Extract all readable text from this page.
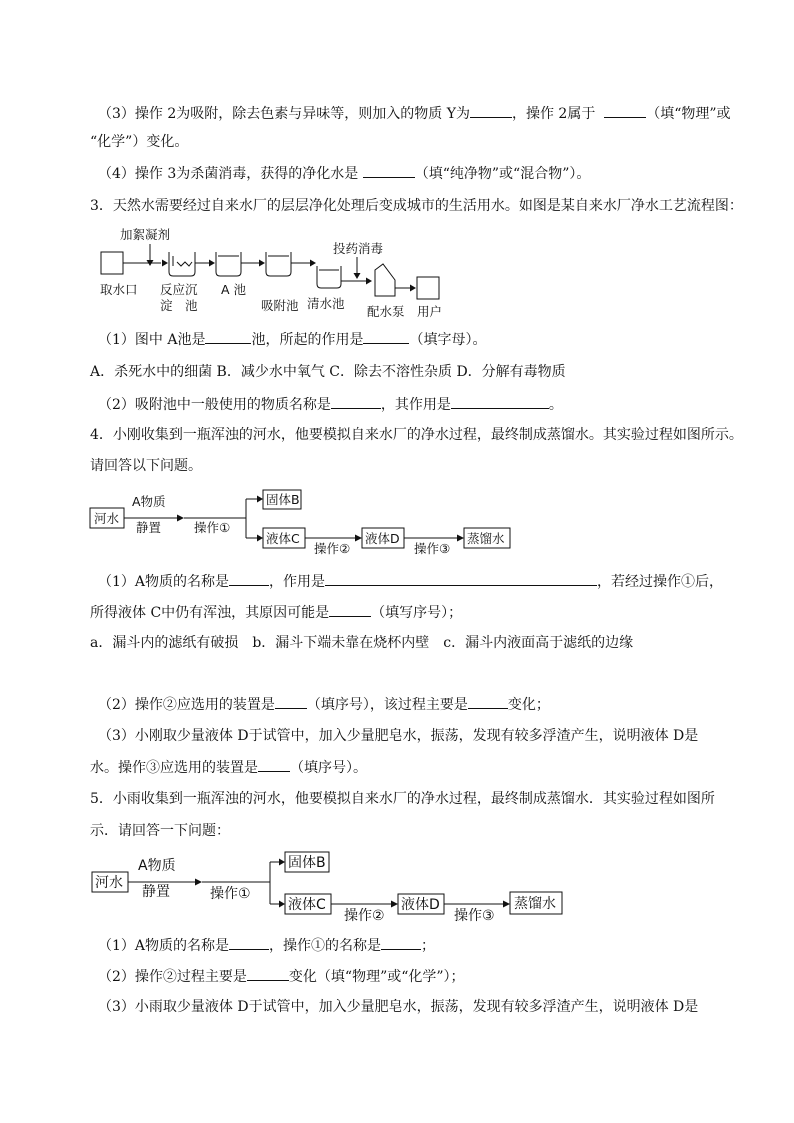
（3）操作 2为吸附，除去色素与异味等，则加入的物质 Y为	，操作 2属于	（填“物理”或
“化学”）变化。
（4）操作 3为杀菌消毒，获得的净化水是	（填“纯净物”或“混合物”）。
3．天然水需要经过自来水厂的层层净化处理后变成城市的生活用水。如图是某自来水厂净水工艺流程图：
加絮凝剂
投药消毒
取水口 反应沉
淀　池
A 池
吸附池 清水池
配水泵 用户
（1）图中 A池是	池，所起的作用是	（填字母）。
A．杀死水中的细菌 B．减少水中氧气 C．除去不溶性杂质 D．分解有毒物质
（2）吸附池中一般使用的物质名称是	，其作用是	。
4．小刚收集到一瓶浑浊的河水，他要模拟自来水厂的净水过程，最终制成蒸馏水。其实验过程如图所示。
请回答以下问题。
河水
A物质
静置	操作①
固体B
液体C
操作②
液体D
操作③
蒸馏水
（1）A物质的名称是	，作用是	，若经过操作①后，
所得液体 C中仍有浑浊，其原因可能是	（填写序号）；
a．漏斗内的滤纸有破损　b．漏斗下端未靠在烧杯内壁　c．漏斗内液面高于滤纸的边缘
（2）操作②应选用的装置是 （填序号），该过程主要是	变化；
（3）小刚取少量液体 D于试管中，加入少量肥皂水，振荡，发现有较多浮渣产生，说明液体 D是
水。操作③应选用的装置是 （填序号）。
5．小雨收集到一瓶浑浊的河水，他要模拟自来水厂的净水过程，最终制成蒸馏水．其实验过程如图所
示．请回答一下问题：
河水
A物质
静置	操作①
固体B
液体C
操作②
液体D
操作③
蒸馏水
（1）A物质的名称是	，操作①的名称是	；
（2）操作②过程主要是	变化（填“物理”或“化学”）；
（3）小雨取少量液体 D于试管中，加入少量肥皂水，振荡，发现有较多浮渣产生，说明液体 D是
